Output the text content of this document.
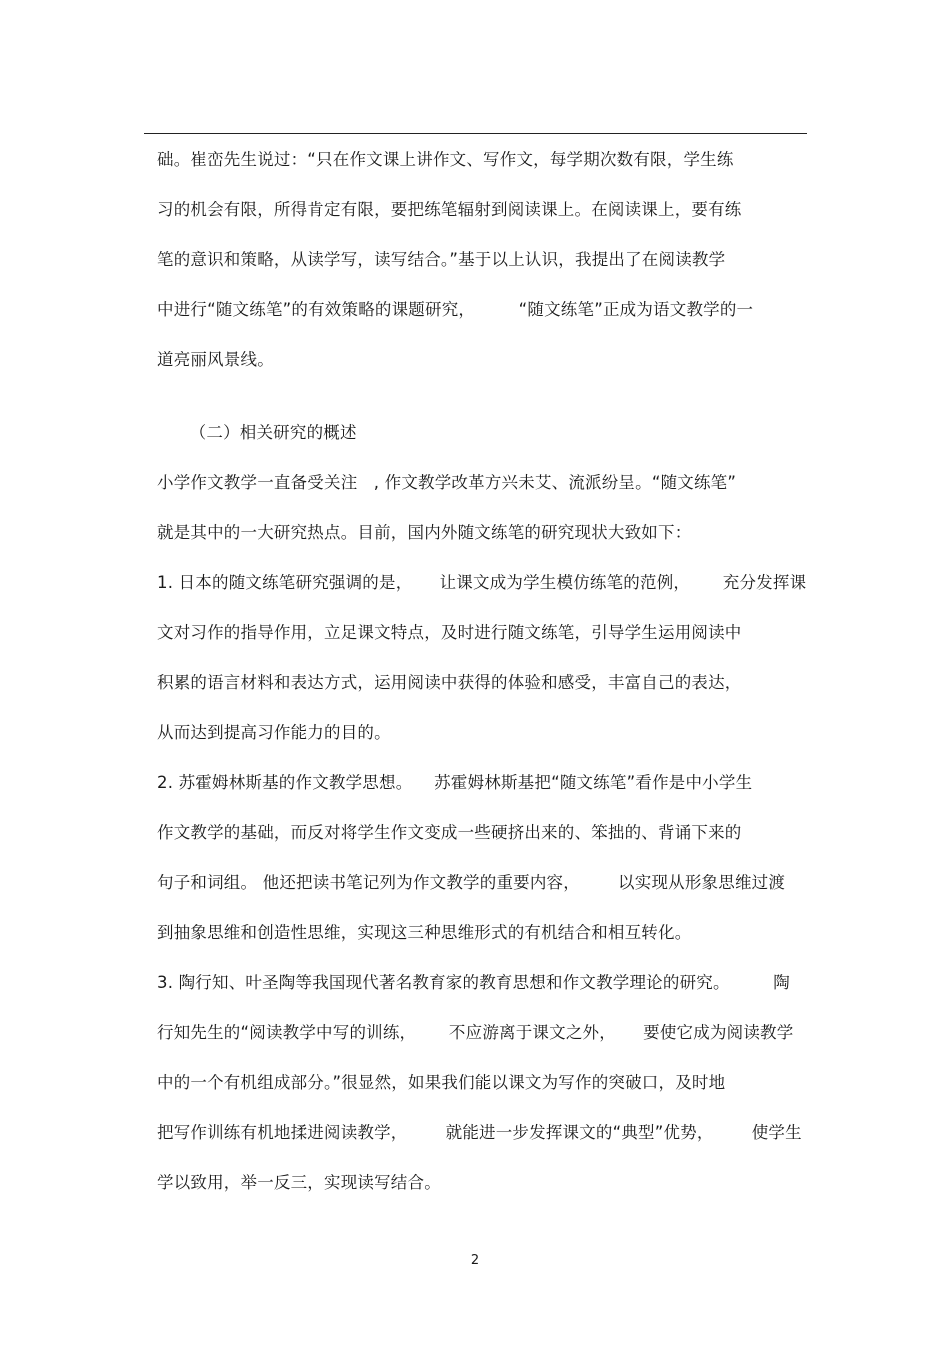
础。崔峦先生说过：“只在作文课上讲作文、写作文，每学期次数有限，学生练
习的机会有限，所得肯定有限，要把练笔辐射到阅读课上。在阅读课上，要有练
笔的意识和策略，从读学写，读写结合。”基于以上认识，我提出了在阅读教学
中进行“随文练笔”的有效策略的课题研究，        “随文练笔”正成为语文教学的一
道亮丽风景线。
（二）相关研究的概述
小学作文教学一直备受关注   , 作文教学改革方兴未艾、流派纷呈。“随文练笔”
就是其中的一大研究热点。目前，国内外随文练笔的研究现状大致如下：
1. 日本的随文练笔研究强调的是，     让课文成为学生模仿练笔的范例，      充分发挥课
文对习作的指导作用，立足课文特点，及时进行随文练笔，引导学生运用阅读中
积累的语言材料和表达方式，运用阅读中获得的体验和感受，丰富自己的表达，
从而达到提高习作能力的目的。
2. 苏霍姆林斯基的作文教学思想。    苏霍姆林斯基把“随文练笔”看作是中小学生
作文教学的基础，而反对将学生作文变成一些硬挤出来的、笨拙的、背诵下来的
句子和词组。 他还把读书笔记列为作文教学的重要内容，       以实现从形象思维过渡
到抽象思维和创造性思维，实现这三种思维形式的有机结合和相互转化。
3. 陶行知、叶圣陶等我国现代著名教育家的教育思想和作文教学理论的研究。        陶
行知先生的“阅读教学中写的训练，      不应游离于课文之外，     要使它成为阅读教学
中的一个有机组成部分。”很显然，如果我们能以课文为写作的突破口，及时地
把写作训练有机地揉进阅读教学，       就能进一步发挥课文的“典型”优势，       使学生
学以致用，举一反三，实现读写结合。
2
